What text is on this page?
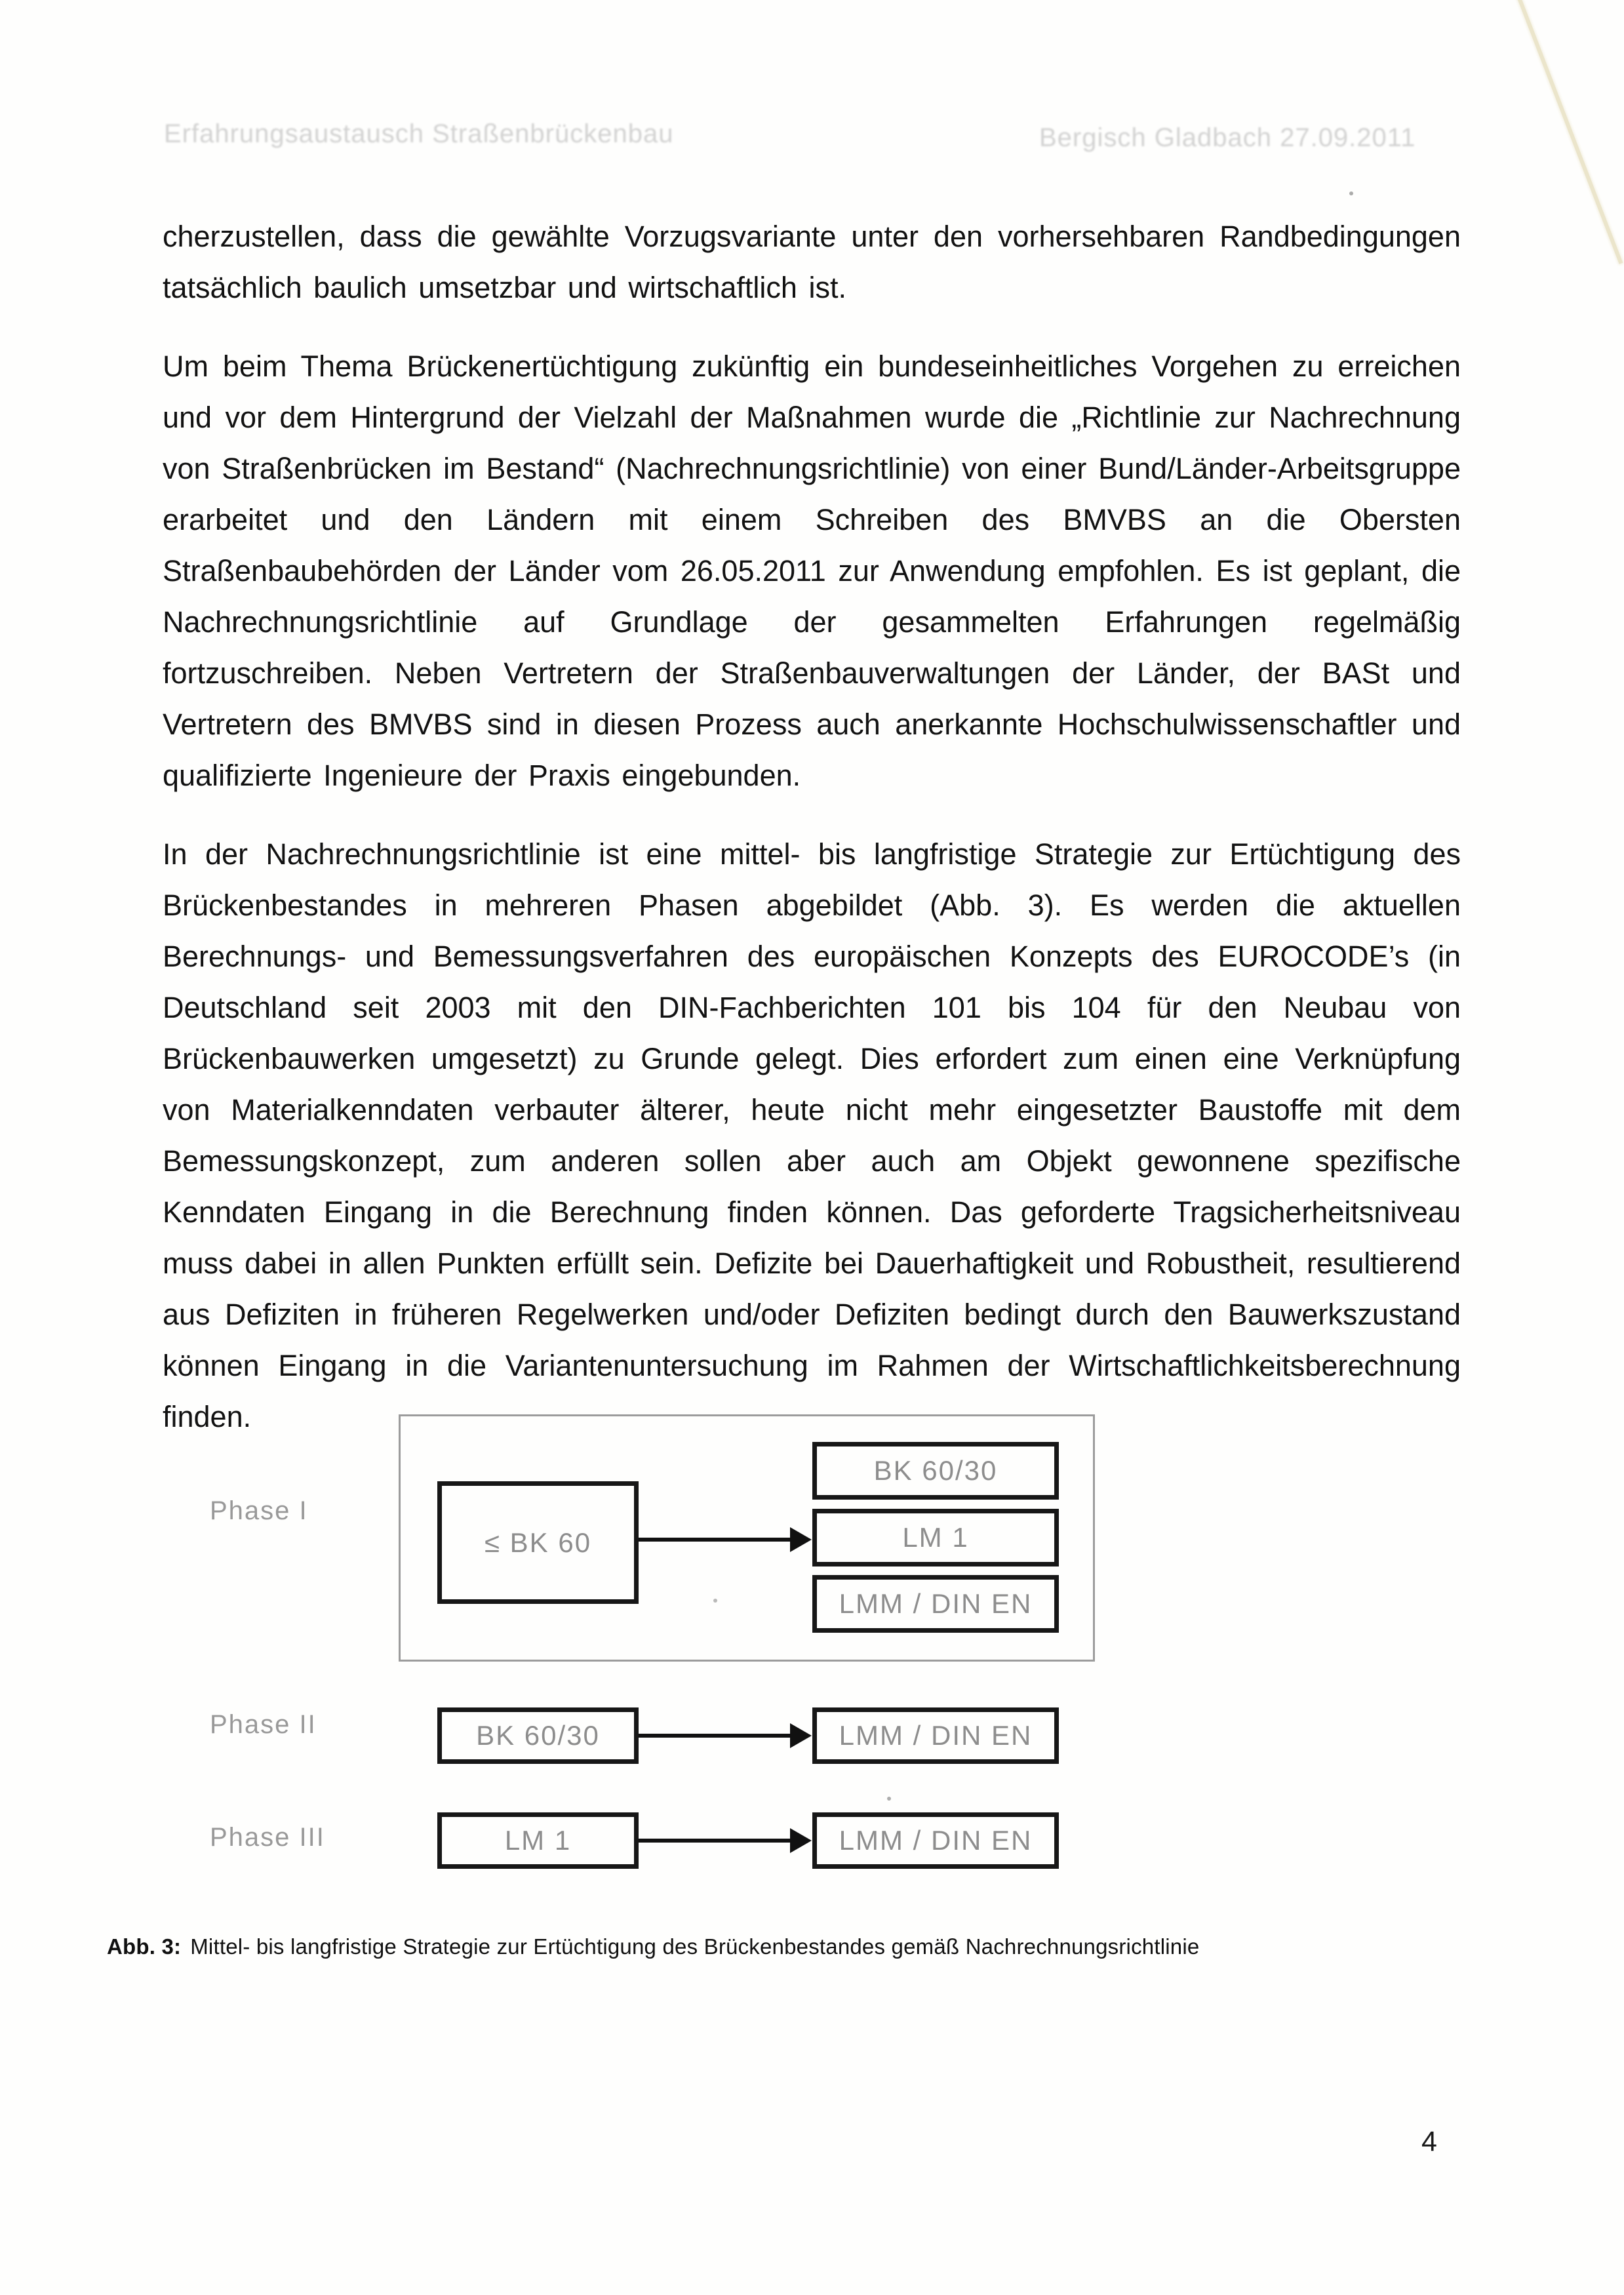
Erfahrungsaustausch Straßenbrückenbau	Bergisch Gladbach 27.09.2011

cherzustellen, dass die gewählte Vorzugsvariante unter den vorhersehbaren Randbedingungen tatsächlich baulich umsetzbar und wirtschaftlich ist.

Um beim Thema Brückenertüchtigung zukünftig ein bundeseinheitliches Vorgehen zu erreichen und vor dem Hintergrund der Vielzahl der Maßnahmen wurde die „Richtlinie zur Nachrechnung von Straßenbrücken im Bestand“ (Nachrechnungsrichtlinie) von einer Bund/Länder-Arbeitsgruppe erarbeitet und den Ländern mit einem Schreiben des BMVBS an die Obersten Straßenbaubehörden der Länder vom 26.05.2011 zur Anwendung empfohlen. Es ist geplant, die Nachrechnungsrichtlinie auf Grundlage der gesammelten Erfahrungen regelmäßig fortzuschreiben. Neben Vertretern der Straßenbauverwaltungen der Länder, der BASt und Vertretern des BMVBS sind in diesen Prozess auch anerkannte Hochschulwissenschaftler und qualifizierte Ingenieure der Praxis eingebunden.

In der Nachrechnungsrichtlinie ist eine mittel- bis langfristige Strategie zur Ertüchtigung des Brückenbestandes in mehreren Phasen abgebildet (Abb. 3). Es werden die aktuellen Berechnungs- und Bemessungsverfahren des europäischen Konzepts des EUROCODE’s (in Deutschland seit 2003 mit den DIN-Fachberichten 101 bis 104 für den Neubau von Brückenbauwerken umgesetzt) zu Grunde gelegt. Dies erfordert zum einen eine Verknüpfung von Materialkenndaten verbauter älterer, heute nicht mehr eingesetzter Baustoffe mit dem Bemessungskonzept, zum anderen sollen aber auch am Objekt gewonnene spezifische Kenndaten Eingang in die Berechnung finden können. Das geforderte Tragsicherheitsniveau muss dabei in allen Punkten erfüllt sein. Defizite bei Dauerhaftigkeit und Robustheit, resultierend aus Defiziten in früheren Regelwerken und/oder Defiziten bedingt durch den Bauwerkszustand können Eingang in die Variantenuntersuchung im Rahmen der Wirtschaftlichkeitsberechnung finden.

Phase I
≤ BK 60
BK 60/30
LM 1
LMM / DIN EN
Phase II	BK 60/30	LMM / DIN EN
Phase III	LM 1	LMM / DIN EN
Abb. 3: Mittel- bis langfristige Strategie zur Ertüchtigung des Brückenbestandes gemäß Nachrechnungsrichtlinie
4
